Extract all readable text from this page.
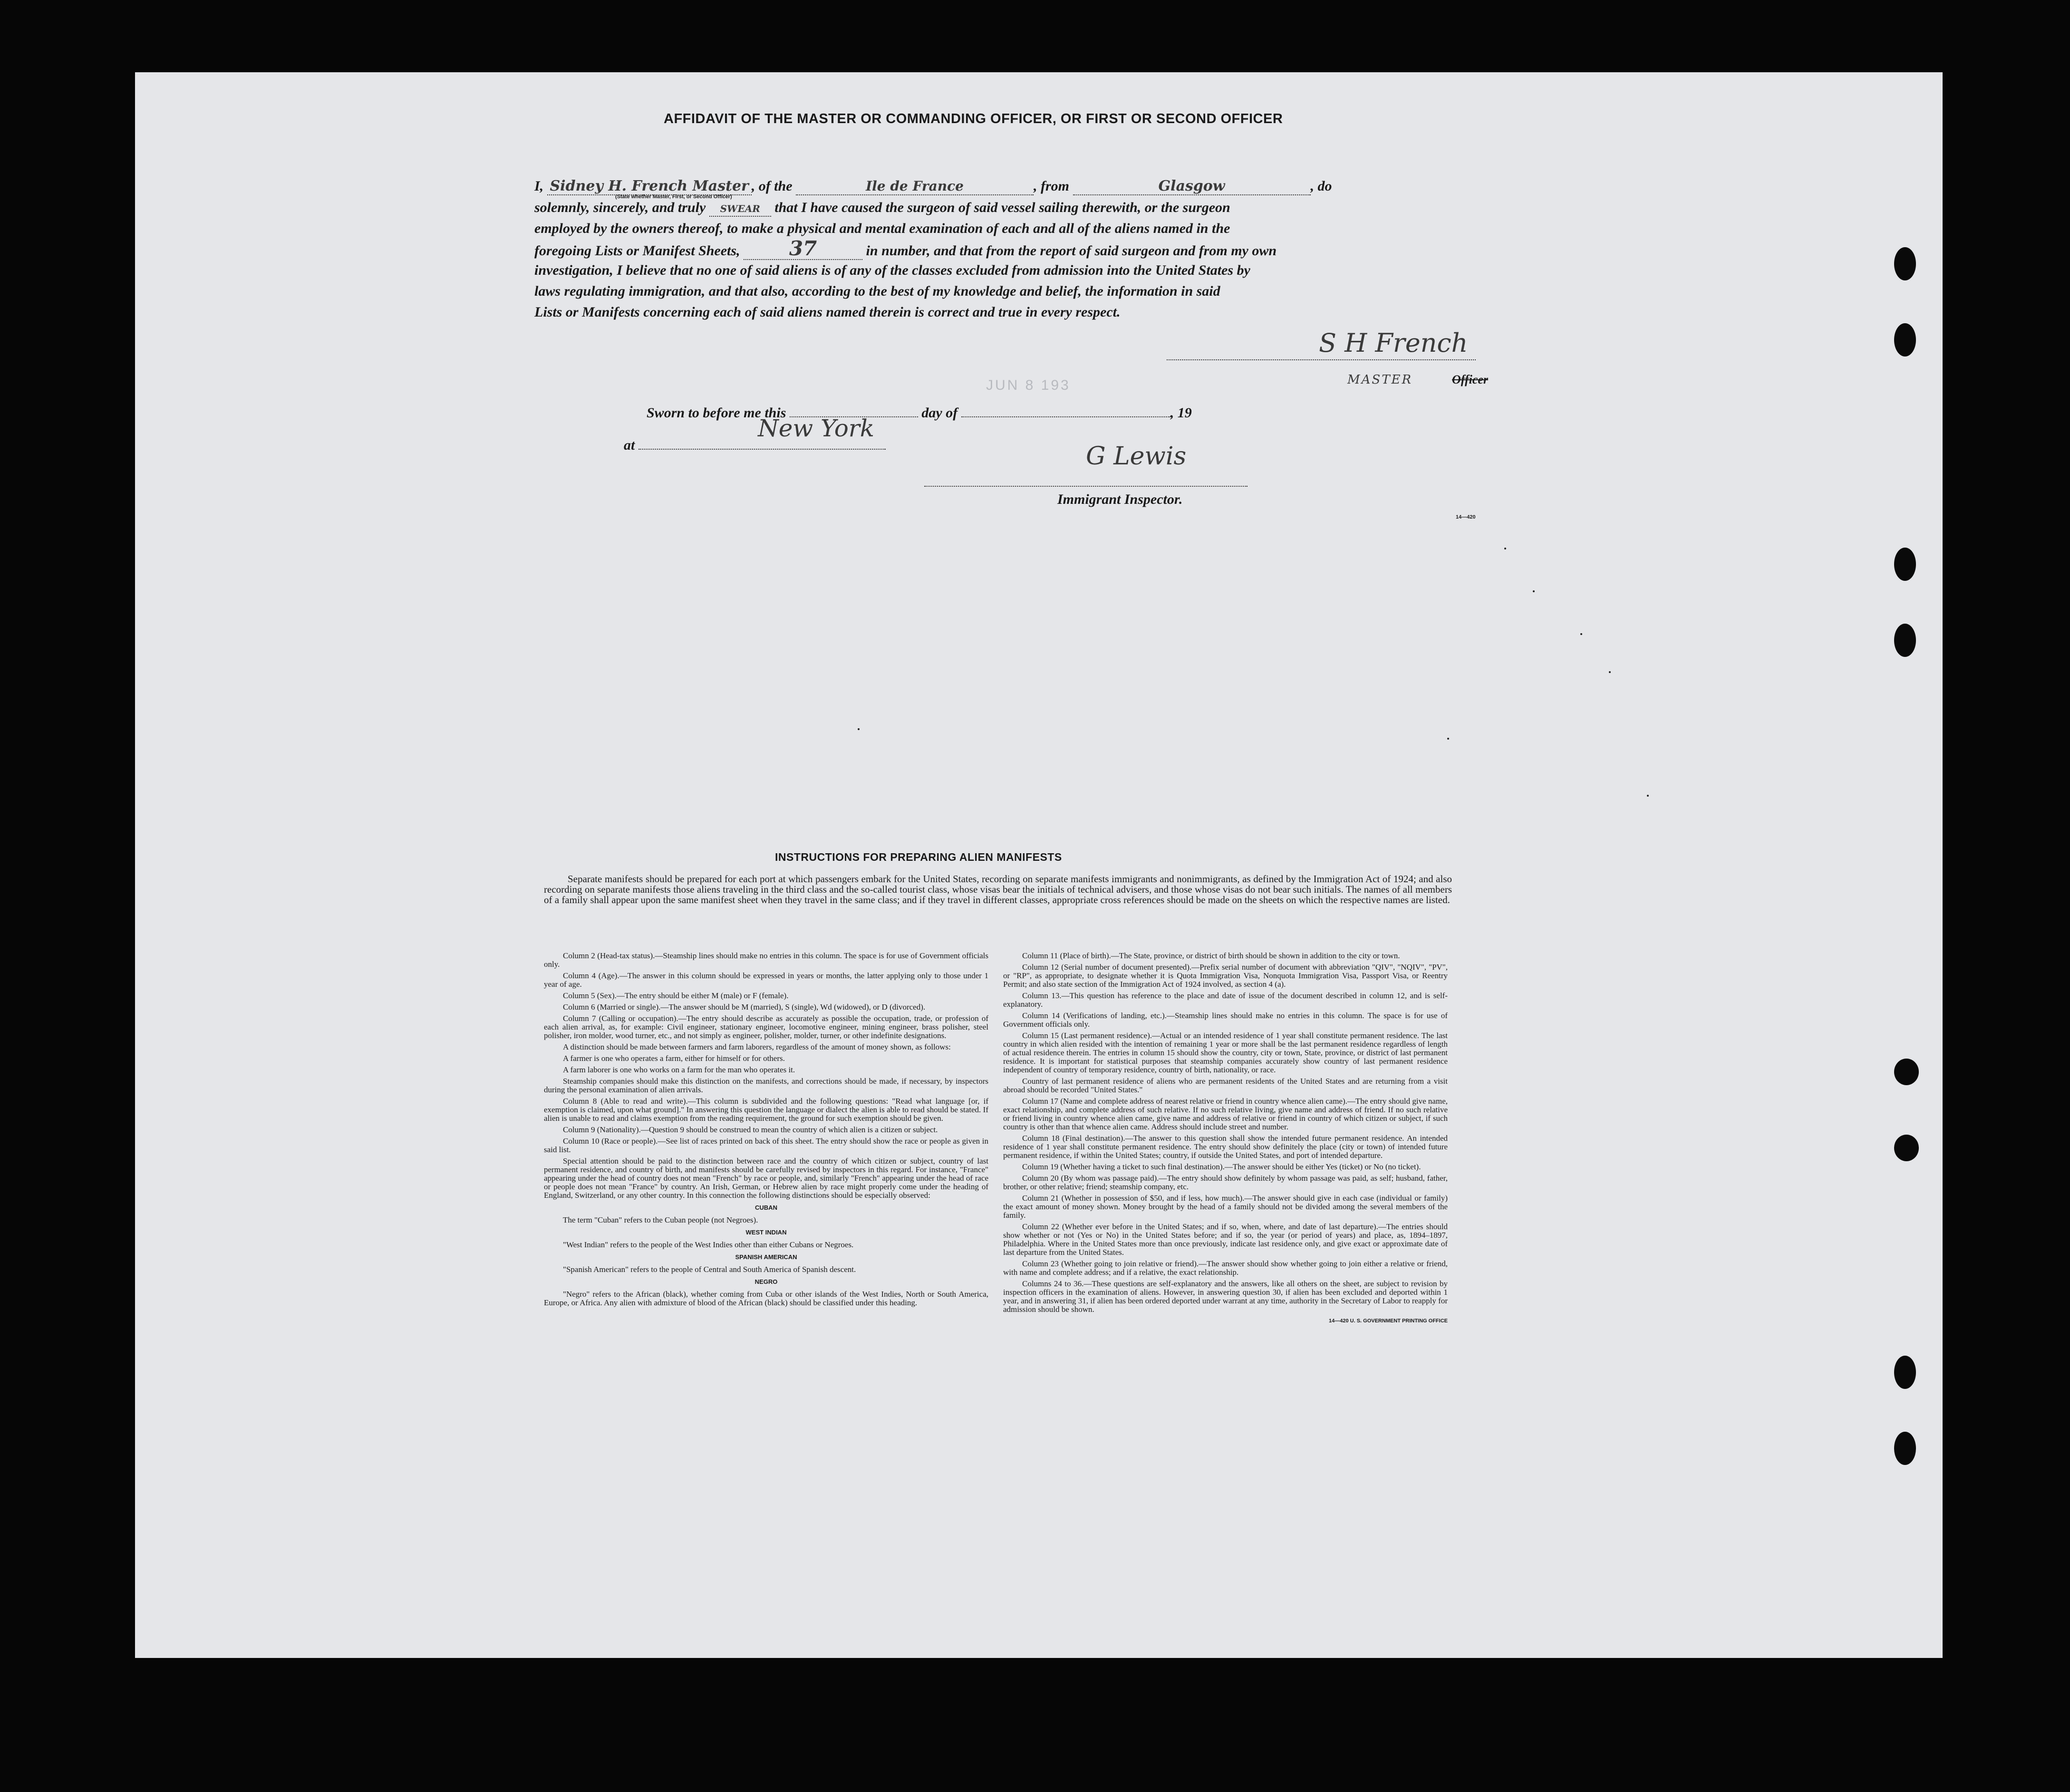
AFFIDAVIT OF THE MASTER OR COMMANDING OFFICER, OR FIRST OR SECOND OFFICER
I, Sidney H. French Master , of the	Ile de France	, from	Glasgow	, do
(State whether Master, First, or Second Officer)
solemnly, sincerely, and truly SWEAR that I have caused the surgeon of said vessel sailing therewith, or the surgeon
employed by the owners thereof, to make a physical and mental examination of each and all of the aliens named in the
foregoing Lists or Manifest Sheets, 37	in number, and that from the report of said surgeon and from my own
investigation, I believe that no one of said aliens is of any of the classes excluded from admission into the United States by
laws regulating immigration, and that also, according to the best of my knowledge and belief, the information in said
Lists or Manifests concerning each of said aliens named therein is correct and true in every respect.
S H French
MASTER	Officer
Sworn to before me this	day of	, 19
JUN 8 193
at
New York
G Lewis
Immigrant Inspector.
14—420
INSTRUCTIONS FOR PREPARING ALIEN MANIFESTS

Separate manifests should be prepared for each port at which passengers embark for the United States, recording on separate manifests immigrants and nonimmigrants, as defined by the Immigration Act of 1924; and also recording on separate manifests those aliens traveling in the third class and the so-called tourist class, whose visas bear the initials of technical advisers, and those whose visas do not bear such initials. The names of all members of a family shall appear upon the same manifest sheet when they travel in the same class; and if they travel in different classes, appropriate cross references should be made on the sheets on which the respective names are listed.

Column 2 (Head-tax status).—Steamship lines should make no entries in this column. The space is for use of Government officials only.

Column 4 (Age).—The answer in this column should be expressed in years or months, the latter applying only to those under 1 year of age.

Column 5 (Sex).—The entry should be either M (male) or F (female).

Column 6 (Married or single).—The answer should be M (married), S (single), Wd (widowed), or D (divorced).

Column 7 (Calling or occupation).—The entry should describe as accurately as possible the occupation, trade, or profession of each alien arrival, as, for example: Civil engineer, stationary engineer, locomotive engineer, mining engineer, brass polisher, steel polisher, iron molder, wood turner, etc., and not simply as engineer, polisher, molder, turner, or other indefinite designations.

A distinction should be made between farmers and farm laborers, regardless of the amount of money shown, as follows:

A farmer is one who operates a farm, either for himself or for others.

A farm laborer is one who works on a farm for the man who operates it.

Steamship companies should make this distinction on the manifests, and corrections should be made, if necessary, by inspectors during the personal examination of alien arrivals.

Column 8 (Able to read and write).—This column is subdivided and the following questions: "Read what language [or, if exemption is claimed, upon what ground]." In answering this question the language or dialect the alien is able to read should be stated. If alien is unable to read and claims exemption from the reading requirement, the ground for such exemption should be given.

Column 9 (Nationality).—Question 9 should be construed to mean the country of which alien is a citizen or subject.

Column 10 (Race or people).—See list of races printed on back of this sheet. The entry should show the race or people as given in said list.

Special attention should be paid to the distinction between race and the country of which citizen or subject, country of last permanent residence, and country of birth, and manifests should be carefully revised by inspectors in this regard. For instance, "France" appearing under the head of country does not mean "French" by race or people, and, similarly "French" appearing under the head of race or people does not mean "France" by country. An Irish, German, or Hebrew alien by race might properly come under the heading of England, Switzerland, or any other country. In this connection the following distinctions should be especially observed:

CUBAN

The term "Cuban" refers to the Cuban people (not Negroes).

WEST INDIAN

"West Indian" refers to the people of the West Indies other than either Cubans or Negroes.

SPANISH AMERICAN

"Spanish American" refers to the people of Central and South America of Spanish descent.

NEGRO

"Negro" refers to the African (black), whether coming from Cuba or other islands of the West Indies, North or South America, Europe, or Africa. Any alien with admixture of blood of the African (black) should be classified under this heading.

Column 11 (Place of birth).—The State, province, or district of birth should be shown in addition to the city or town.

Column 12 (Serial number of document presented).—Prefix serial number of document with abbreviation "QIV", "NQIV", "PV", or "RP", as appropriate, to designate whether it is Quota Immigration Visa, Nonquota Immigration Visa, Passport Visa, or Reentry Permit; and also state section of the Immigration Act of 1924 involved, as section 4 (a).

Column 13.—This question has reference to the place and date of issue of the document described in column 12, and is self-explanatory.

Column 14 (Verifications of landing, etc.).—Steamship lines should make no entries in this column. The space is for use of Government officials only.

Column 15 (Last permanent residence).—Actual or an intended residence of 1 year shall constitute permanent residence. The last country in which alien resided with the intention of remaining 1 year or more shall be the last permanent residence regardless of length of actual residence therein. The entries in column 15 should show the country, city or town, State, province, or district of last permanent residence. It is important for statistical purposes that steamship companies accurately show country of last permanent residence independent of country of temporary residence, country of birth, nationality, or race.

Country of last permanent residence of aliens who are permanent residents of the United States and are returning from a visit abroad should be recorded "United States."

Column 17 (Name and complete address of nearest relative or friend in country whence alien came).—The entry should give name, exact relationship, and complete address of such relative. If no such relative living, give name and address of friend. If no such relative or friend living in country whence alien came, give name and address of relative or friend in country of which citizen or subject, if such country is other than that whence alien came. Address should include street and number.

Column 18 (Final destination).—The answer to this question shall show the intended future permanent residence. An intended residence of 1 year shall constitute permanent residence. The entry should show definitely the place (city or town) of intended future permanent residence, if within the United States; country, if outside the United States, and port of intended departure.

Column 19 (Whether having a ticket to such final destination).—The answer should be either Yes (ticket) or No (no ticket).

Column 20 (By whom was passage paid).—The entry should show definitely by whom passage was paid, as self; husband, father, brother, or other relative; friend; steamship company, etc.

Column 21 (Whether in possession of $50, and if less, how much).—The answer should give in each case (individual or family) the exact amount of money shown. Money brought by the head of a family should not be divided among the several members of the family.

Column 22 (Whether ever before in the United States; and if so, when, where, and date of last departure).—The entries should show whether or not (Yes or No) in the United States before; and if so, the year (or period of years) and place, as, 1894–1897, Philadelphia. Where in the United States more than once previously, indicate last residence only, and give exact or approximate date of last departure from the United States.

Column 23 (Whether going to join relative or friend).—The answer should show whether going to join either a relative or friend, with name and complete address; and if a relative, the exact relationship.

Columns 24 to 36.—These questions are self-explanatory and the answers, like all others on the sheet, are subject to revision by inspection officers in the examination of aliens. However, in answering question 30, if alien has been excluded and deported within 1 year, and in answering 31, if alien has been ordered deported under warrant at any time, authority in the Secretary of Labor to reapply for admission should be shown.

14—420 U. S. GOVERNMENT PRINTING OFFICE
